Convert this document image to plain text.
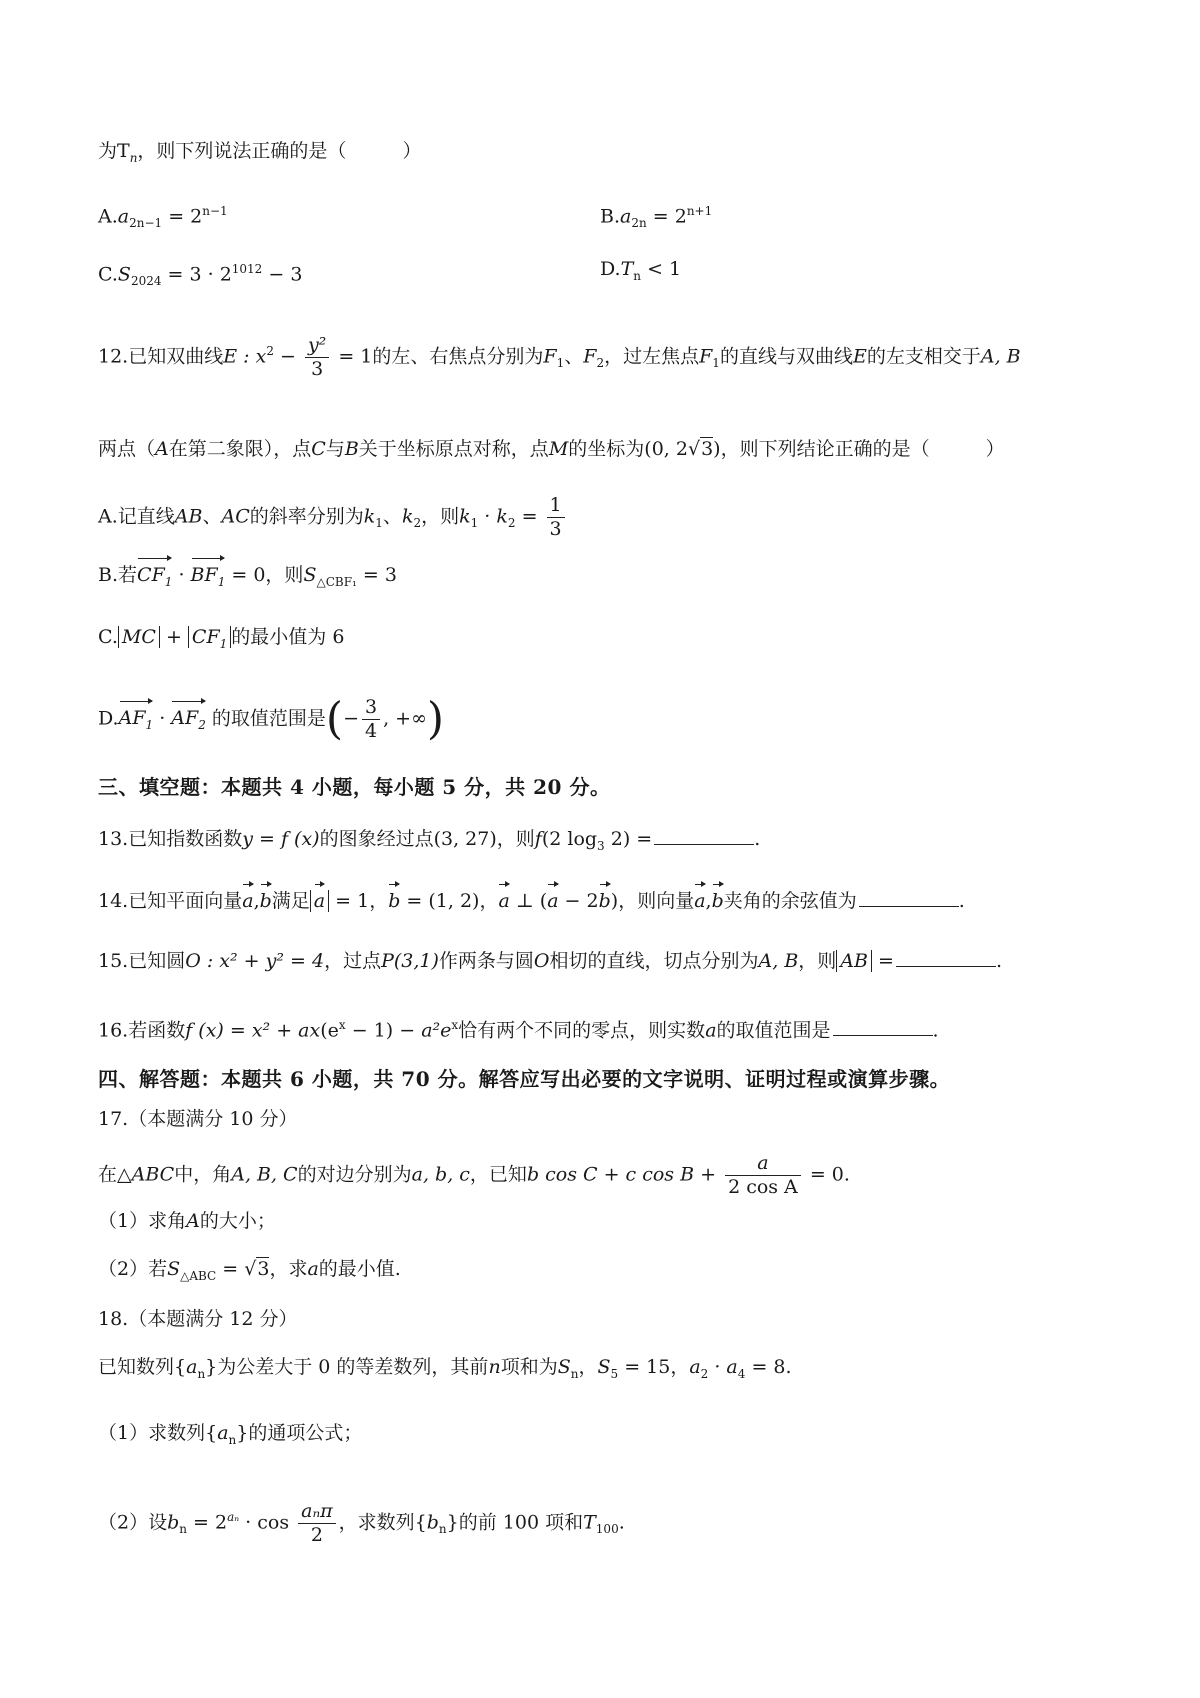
为$T_n$，则下列说法正确的是（	）
$A.a_{2n-1} = 2^{n-1}$	$B.a_{2n} = 2^{n+1}$
$C.S_{2024} = 3 \cdot 2^{1012} - 3$	$D.T_n < 1$
12.已知双曲线E : $x^2 - \frac{\text{y²}}{3} = 1$的左、右焦点分别为$F_1$、$F_2$，过左焦点$F_1$的直线与双曲线E的左支相交于A, B
两点（A在第二象限），点C与B关于坐标原点对称，点M的坐标为(0, 2√3)，则下列结论正确的是（	）
A.记直线AB、AC的斜率分别为$k_1$、$k_2$，则$k_1 \cdot k_2 = \frac{1}{3}$
B.若$CF_1 \cdot BF_1 = 0$，则$S_{\triangle CBF_1} = 3$
C. MC + $CF_1$ 的最小值为 6
$D.AF_1 \cdot AF_2$ 的取值范围是(− $\frac{3}{4}$ , +∞)
三、填空题：本题共 4 小题，每小题 5 分，共 20 分。
13.已知指数函数y = f (x)的图象经过点(3, 27)，则f(2 $\log_3 2$) =	.
14.已知平面向量a,b满足 a = 1，b = (1, 2)，a ⊥ (a − 2b)，则向量a,b夹角的余弦值为	.
15.已知圆O : x² + y² = 4，过点P(3,1)作两条与圆O相切的直线，切点分别为A, B，则 AB =	.
16.若函数f $(x) = x^2 + ax(e^x - 1) - a^2e^x$恰有两个不同的零点，则实数a的取值范围是	.
四、解答题：本题共 6 小题，共 70 分。解答应写出必要的文字说明、证明过程或演算步骤。
17.（本题满分 10 分）
在△ABC中，角A, B, C的对边分别为a, b, c，已知b cos C + c $\cos B + \frac{a}{\text{2 cos A}} = 0$.
（1）求角A的大小；
（2）若$S_{\triangle ABC} = √3$，求a的最小值.
18.（本题满分 12 分）
已知数列$\{a_n\}$为公差大于 0 的等差数列，其前n项和为$S_n$，$S_5 = 15$，$a_2 \cdot a_4 = 8$.
（1）求数列$\{a_n\}$的通项公式；
（2）设$b_n = 2^{a_n} \cdot \cos \frac{\text{aₙπ}}{2}$ ，求数列$\{b_n\}$的前 100 项和$T_{100}$.
